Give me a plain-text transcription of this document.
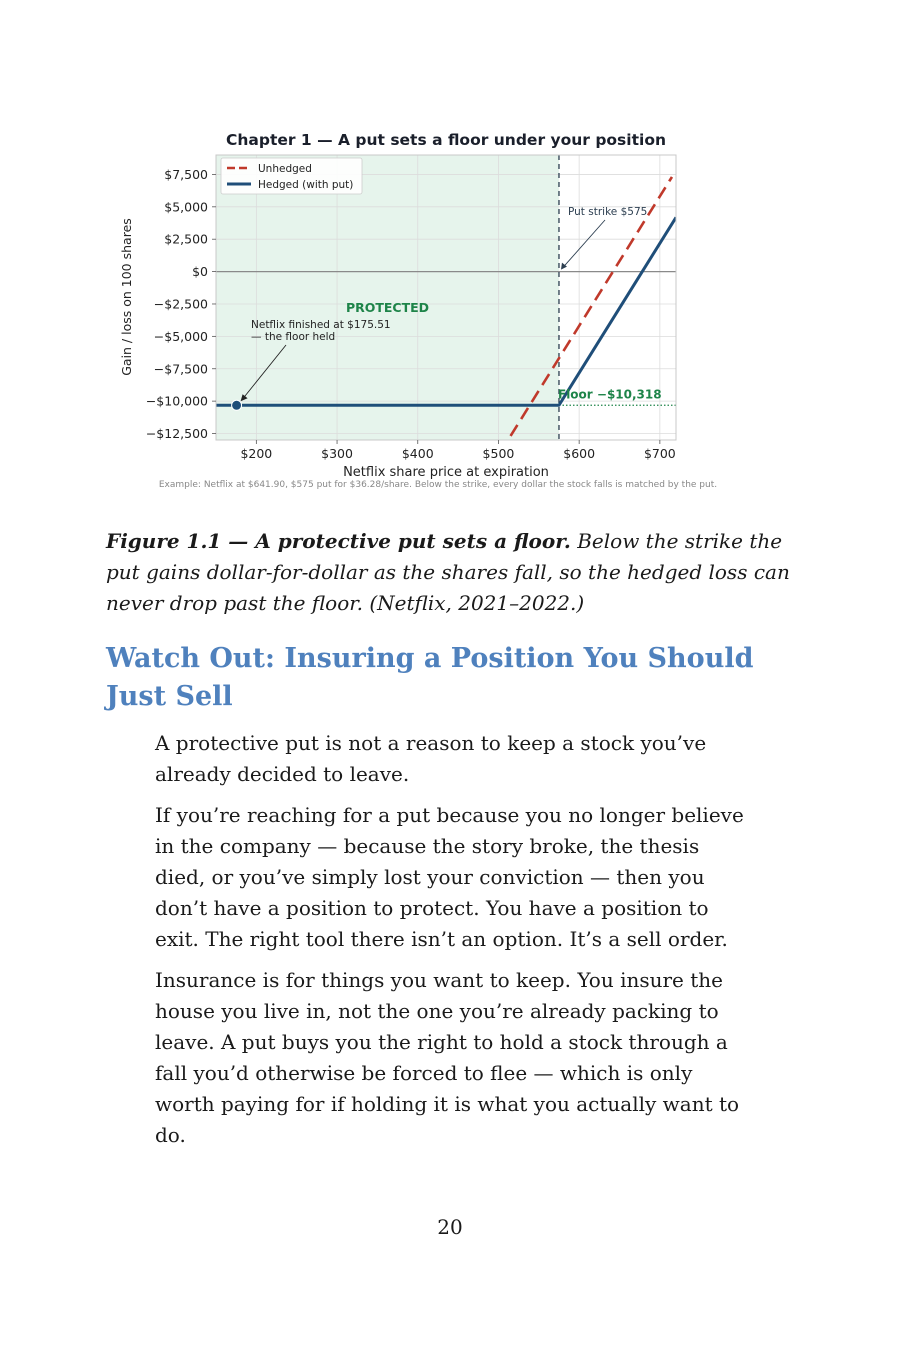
$200	$300	$400	$500	$600	$700
$7,500
$5,000
$2,500
$0
−$2,500
−$5,000
−$7,500
−$10,000
−$12,500
PROTECTED
Put strike $575
Floor −$10,318
Netflix finished at $175.51
— the floor held
Chapter 1 — A put sets a floor under your position
Netflix share price at expiration
Gain / loss on 100 shares
Example: Netflix at $641.90, $575 put for $36.28/share. Below the strike, every dollar the stock falls is matched by the put.
Unhedged
Hedged (with put)

Figure 1.1 — A protective put sets a floor. Below the strike the put gains dollar-for-dollar as the shares fall, so the hedged loss can never drop past the floor. (Netflix, 2021–2022.)

Watch Out: Insuring a Position You Should Just Sell

A protective put is not a reason to keep a stock you’ve already decided to leave.

If you’re reaching for a put because you no longer believe in the company — because the story broke, the thesis died, or you’ve simply lost your conviction — then you don’t have a position to protect. You have a position to exit. The right tool there isn’t an option. It’s a sell order.

Insurance is for things you want to keep. You insure the house you live in, not the one you’re already packing to leave. A put buys you the right to hold a stock through a fall you’d otherwise be forced to flee — which is only worth paying for if holding it is what you actually want to do.

20
